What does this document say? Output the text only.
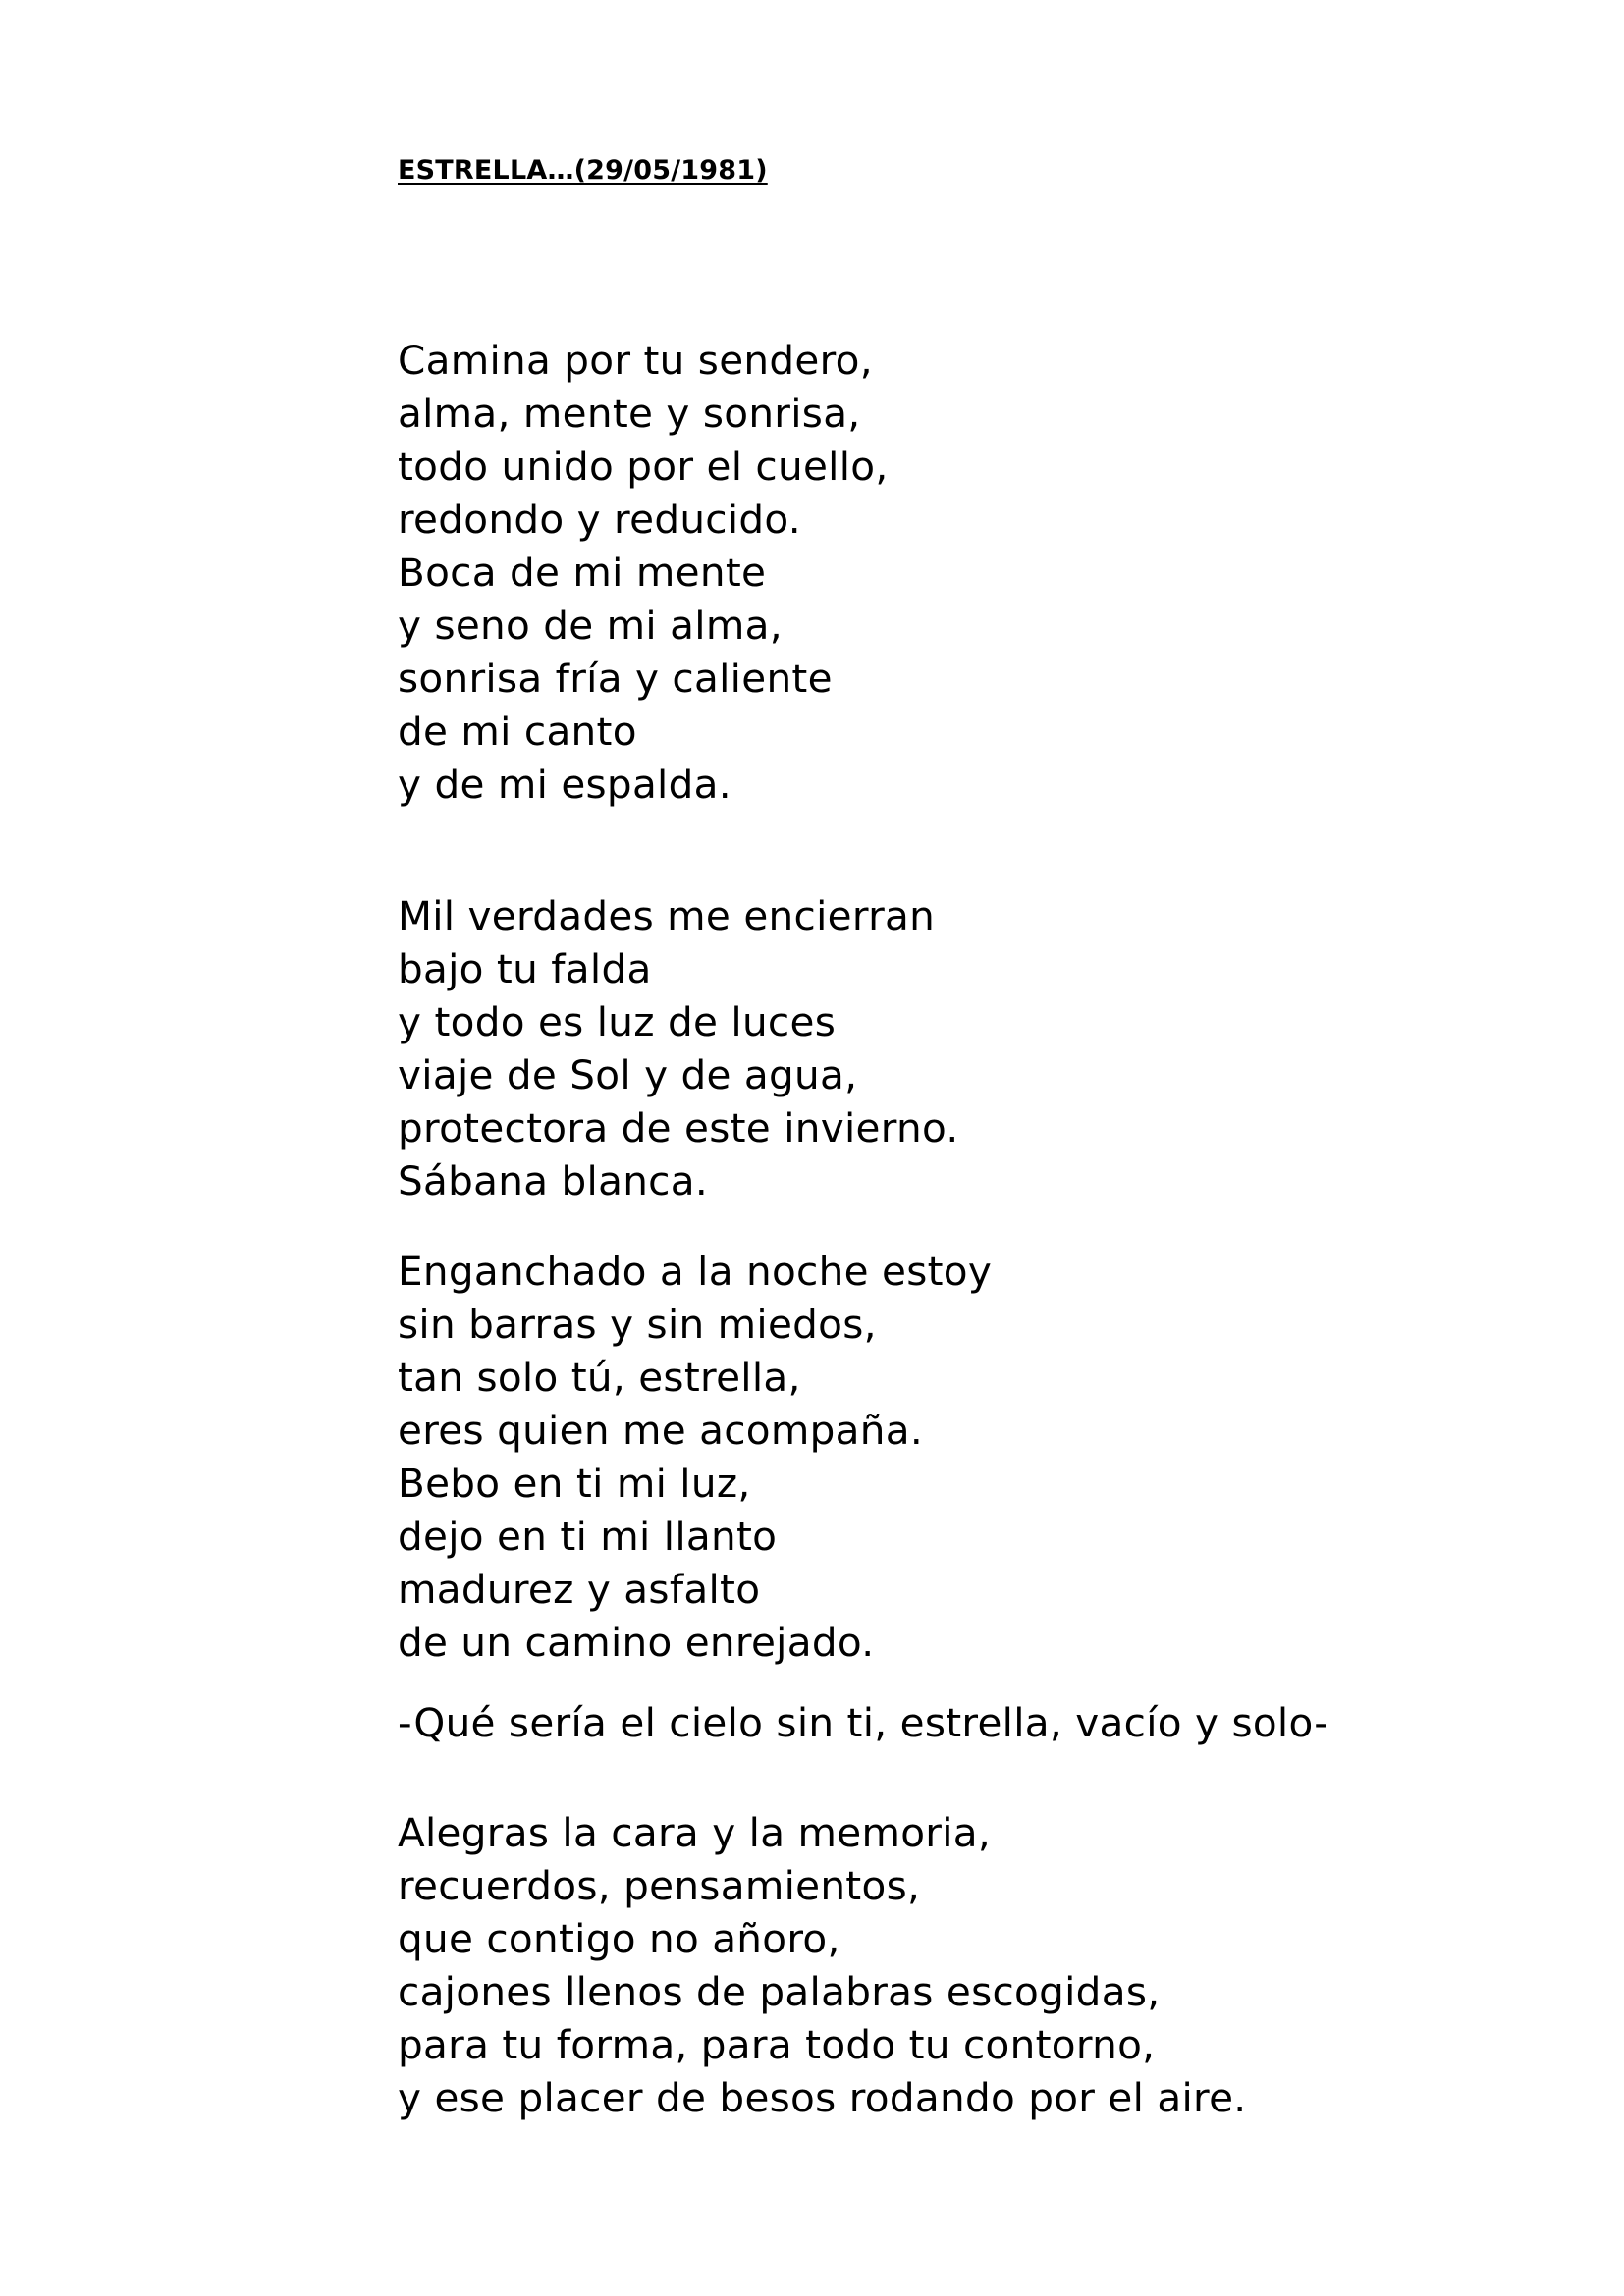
ESTRELLA…(29/05/1981)
Camina por tu sendero,
alma, mente y sonrisa,
todo unido por el cuello,
redondo y reducido.
Boca de mi mente
y seno de mi alma,
sonrisa fría y caliente
de mi canto
y de mi espalda.
Mil verdades me encierran
bajo tu falda
y todo es luz de luces
viaje de Sol y de agua,
protectora de este invierno.
Sábana blanca.
Enganchado a la noche estoy
sin barras y sin miedos,
tan solo tú, estrella,
eres quien me acompaña.
Bebo en ti mi luz,
dejo en ti mi llanto
madurez y asfalto
de un camino enrejado.
-Qué sería el cielo sin ti, estrella, vacío y solo-
Alegras la cara y la memoria,
recuerdos, pensamientos,
que contigo no añoro,
cajones llenos de palabras escogidas,
para tu forma, para todo tu contorno,
y ese placer de besos rodando por el aire.
